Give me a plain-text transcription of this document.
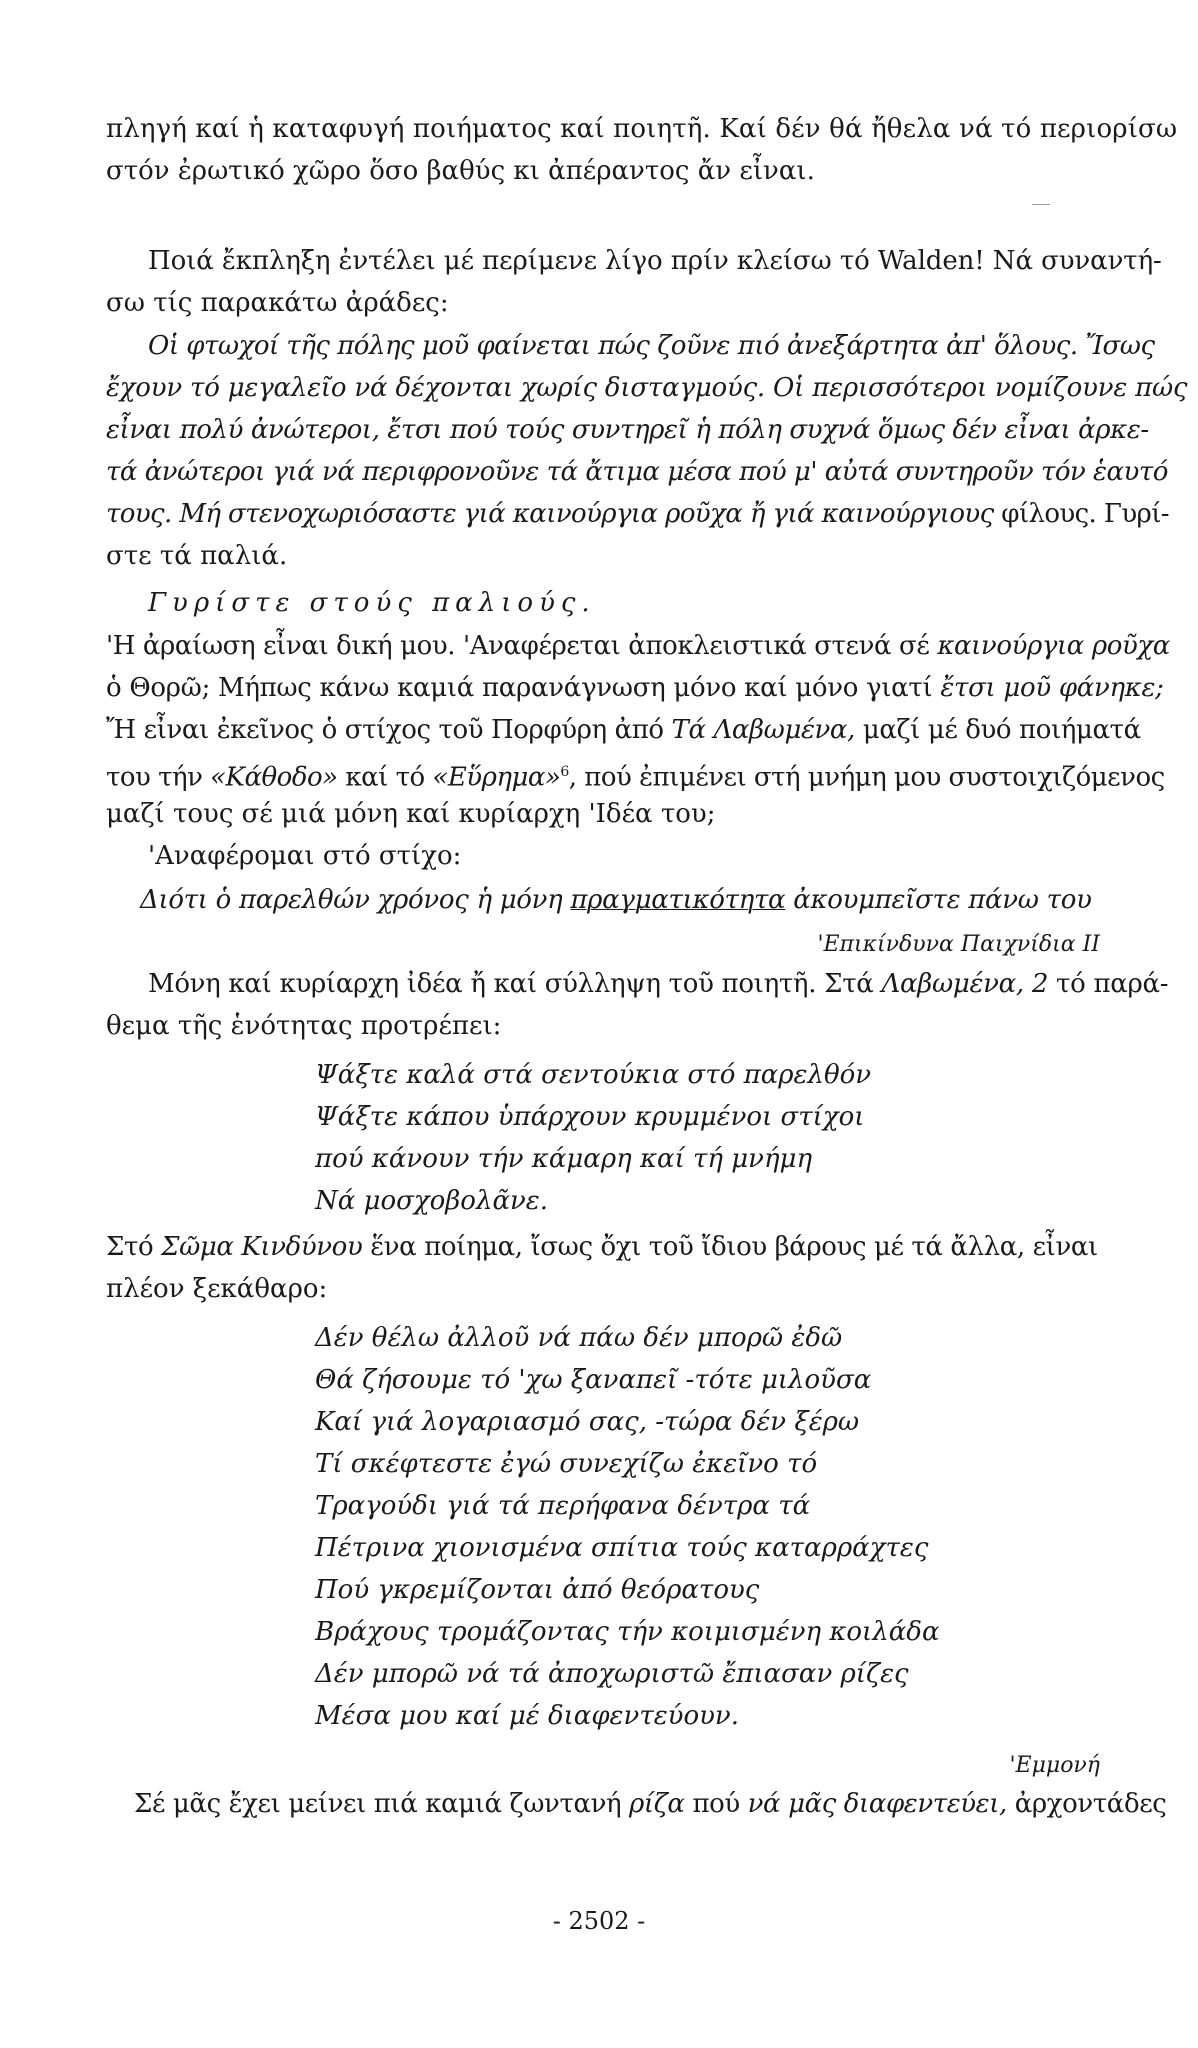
πληγή καί ἡ καταφυγή ποιήματος καί ποιητῆ. Καί δέν θά ἤθελα νά τό περιορίσω
στόν ἐρωτικό χῶρο ὅσο βαθύς κι ἀπέραντος ἄν εἶναι.
Ποιά ἔκπληξη ἐντέλει μέ περίμενε λίγο πρίν κλείσω τό Walden! Νά συναντή-
σω τίς παρακάτω ἀράδες:
Οἱ φτωχοί τῆς πόλης μοῦ φαίνεται πώς ζοῦνε πιό ἀνεξάρτητα ἀπ' ὅλους. Ἴσως
ἔχουν τό μεγαλεῖο νά δέχονται χωρίς δισταγμούς. Οἱ περισσότεροι νομίζουνε πώς
εἶναι πολύ ἀνώτεροι, ἔτσι πού τούς συντηρεῖ ἡ πόλη συχνά ὅμως δέν εἶναι ἀρκε-
τά ἀνώτεροι γιά νά περιφρονοῦνε τά ἄτιμα μέσα πού μ' αὐτά συντηροῦν τόν ἑαυτό
τους. Μή στενοχωριόσαστε γιά καινούργια ροῦχα ἤ γιά καινούργιους φίλους. Γυρί-
στε τά παλιά.
Γυρίστε στούς παλιούς.
'Η ἀραίωση εἶναι δική μου. 'Αναφέρεται ἀποκλειστικά στενά σέ καινούργια ροῦχα
ὁ Θορῶ; Μήπως κάνω καμιά παρανάγνωση μόνο καί μόνο γιατί ἔτσι μοῦ φάνηκε;
Ἤ εἶναι ἐκεῖνος ὁ στίχος τοῦ Πορφύρη ἀπό Τά Λαβωμένα, μαζί μέ δυό ποιήματά
του τήν «Κάθοδο» καί τό «Εὕρημα»$^6$, πού ἐπιμένει στή μνήμη μου συστοιχιζόμενος
μαζί τους σέ μιά μόνη καί κυρίαρχη 'Ιδέα του;
'Αναφέρομαι στό στίχο:
Διότι ὁ παρελθών χρόνος ἡ μόνη πραγματικότητα ἀκουμπεῖστε πάνω του
'Επικίνδυνα Παιχνίδια ΙΙ
Μόνη καί κυρίαρχη ἰδέα ἤ καί σύλληψη τοῦ ποιητῆ. Στά Λαβωμένα, 2 τό παρά-
θεμα τῆς ἑνότητας προτρέπει:
Ψάξτε καλά στά σεντούκια στό παρελθόν
Ψάξτε κάπου ὑπάρχουν κρυμμένοι στίχοι
πού κάνουν τήν κάμαρη καί τή μνήμη
Νά μοσχοβολᾶνε.
Στό Σῶμα Κινδύνου ἕνα ποίημα, ἴσως ὄχι τοῦ ἴδιου βάρους μέ τά ἄλλα, εἶναι
πλέον ξεκάθαρο:
Δέν θέλω ἀλλοῦ νά πάω δέν μπορῶ ἐδῶ
Θά ζήσουμε τό 'χω ξαναπεῖ -τότε μιλοῦσα
Καί γιά λογαριασμό σας, -τώρα δέν ξέρω
Τί σκέφτεστε ἐγώ συνεχίζω ἐκεῖνο τό
Τραγούδι γιά τά περήφανα δέντρα τά
Πέτρινα χιονισμένα σπίτια τούς καταρράχτες
Πού γκρεμίζονται ἀπό θεόρατους
Βράχους τρομάζοντας τήν κοιμισμένη κοιλάδα
Δέν μπορῶ νά τά ἀποχωριστῶ ἔπιασαν ρίζες
Μέσα μου καί μέ διαφεντεύουν.
'Εμμονή
Σέ μᾶς ἔχει μείνει πιά καμιά ζωντανή ρίζα πού νά μᾶς διαφεντεύει, ἀρχοντάδες
- 2502 -
